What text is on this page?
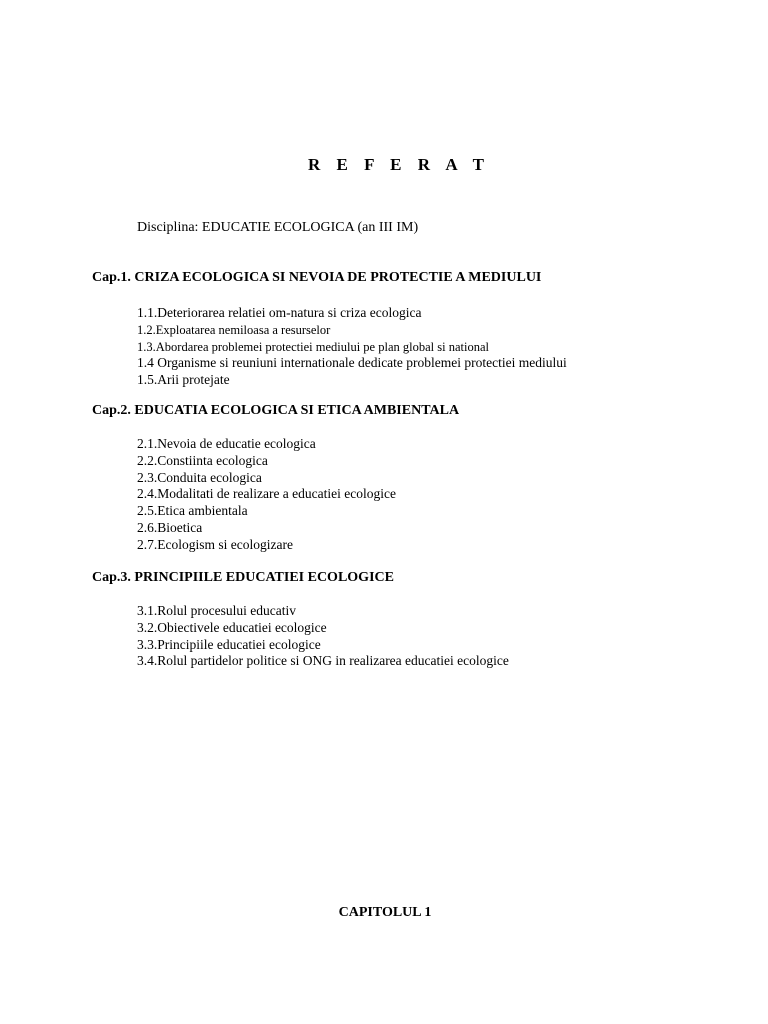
R E F E R A T
Disciplina: EDUCATIE ECOLOGICA (an III IM)
Cap.1. CRIZA ECOLOGICA SI NEVOIA DE PROTECTIE A MEDIULUI
1.1.Deteriorarea relatiei om-natura si criza ecologica
1.2.Exploatarea nemiloasa a resurselor
1.3.Abordarea problemei protectiei mediului pe plan global si national
1.4 Organisme si reuniuni internationale dedicate problemei protectiei mediului
1.5.Arii protejate
Cap.2. EDUCATIA ECOLOGICA SI ETICA AMBIENTALA
2.1.Nevoia de educatie ecologica
2.2.Constiinta ecologica
2.3.Conduita ecologica
2.4.Modalitati de realizare a educatiei ecologice
2.5.Etica ambientala
2.6.Bioetica
2.7.Ecologism si ecologizare
Cap.3. PRINCIPIILE EDUCATIEI ECOLOGICE
3.1.Rolul procesului educativ
3.2.Obiectivele educatiei ecologice
3.3.Principiile educatiei ecologice
3.4.Rolul partidelor politice si ONG in realizarea educatiei ecologice
CAPITOLUL 1
